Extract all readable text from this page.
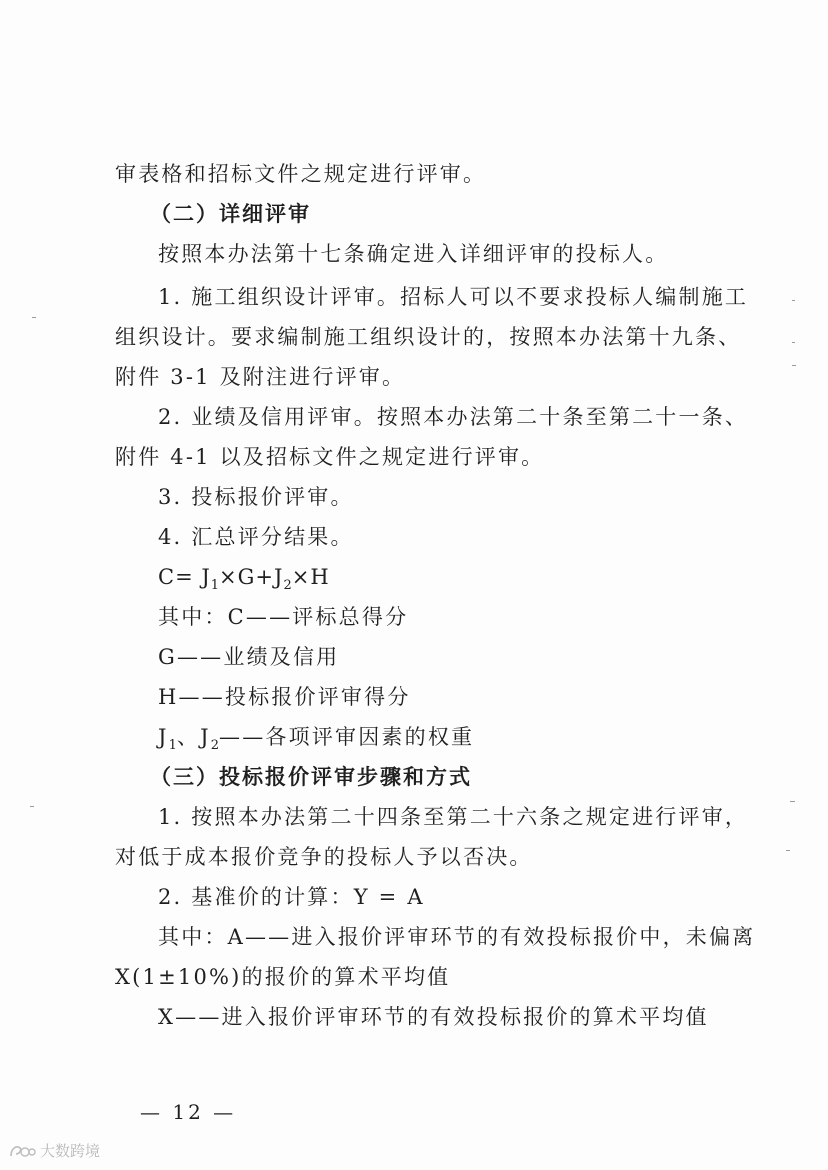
审表格和招标文件之规定进行评审。
（二）详细评审
按照本办法第十七条确定进入详细评审的投标人。
1. 施工组织设计评审。招标人可以不要求投标人编制施工
组织设计。要求编制施工组织设计的，按照本办法第十九条、
附件 3-1 及附注进行评审。
2. 业绩及信用评审。按照本办法第二十条至第二十一条、
附件 4-1 以及招标文件之规定进行评审。
3. 投标报价评审。
4. 汇总评分结果。
$C= J_1\times G+J_2\times H$
其中：C——评标总得分
G——业绩及信用
H——投标报价评审得分
$J_1$、$J_2——$各项评审因素的权重
（三）投标报价评审步骤和方式
1. 按照本办法第二十四条至第二十六条之规定进行评审，
对低于成本报价竞争的投标人予以否决。
2. 基准价的计算：Y = A
其中：A——进入报价评审环节的有效投标报价中，未偏离
X(1±10%)的报价的算术平均值
X——进入报价评审环节的有效投标报价的算术平均值
— 12 —
大数跨境
